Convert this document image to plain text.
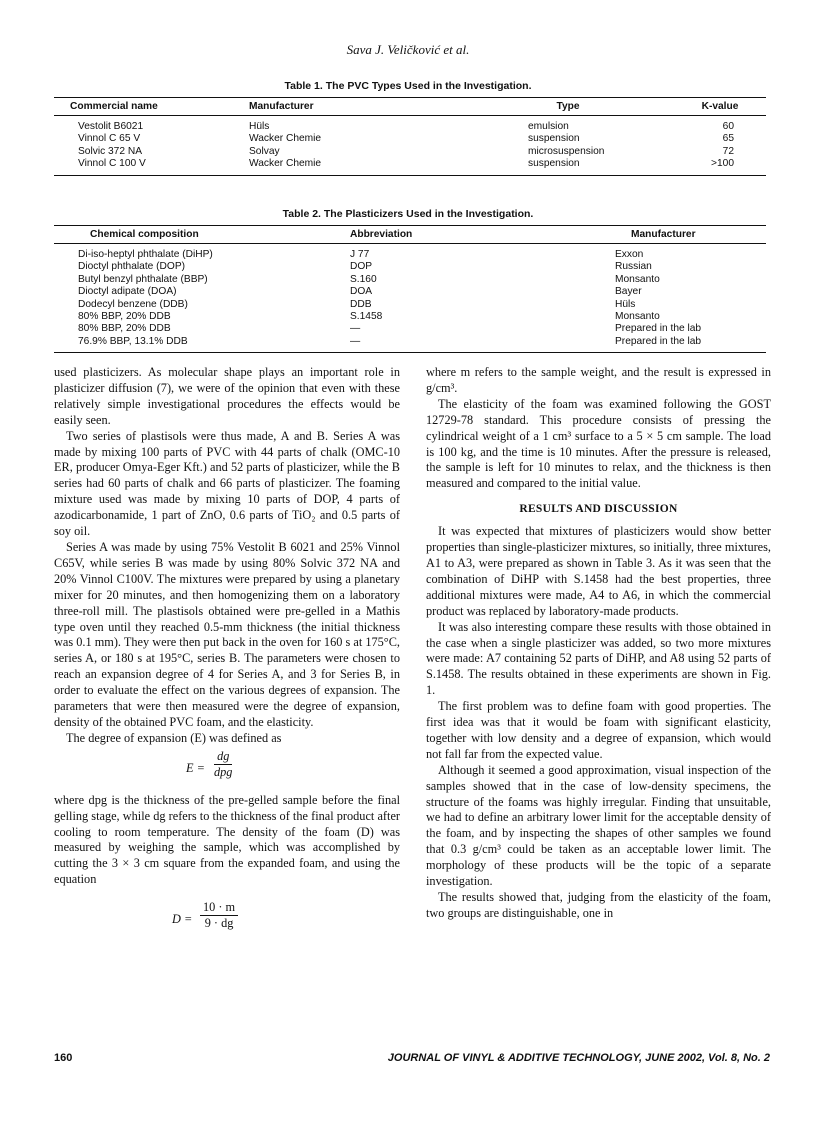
Sava J. Veličković et al.
Table 1. The PVC Types Used in the Investigation.
Commercial name	Manufacturer	Type	K-value
Vestolit B6021	Hüls	emulsion	60
Vinnol C 65 V	Wacker Chemie	suspension	65
Solvic 372 NA	Solvay	microsuspension	72
Vinnol C 100 V	Wacker Chemie	suspension	>100
Table 2. The Plasticizers Used in the Investigation.
Chemical composition	Abbreviation	Manufacturer
Di-iso-heptyl phthalate (DiHP)	J 77	Exxon
Dioctyl phthalate (DOP)	DOP	Russian
Butyl benzyl phthalate (BBP)	S.160	Monsanto
Dioctyl adipate (DOA)	DOA	Bayer
Dodecyl benzene (DDB)	DDB	Hüls
80% BBP, 20% DDB	S.1458	Monsanto
80% BBP, 20% DDB	—	Prepared in the lab
76.9% BBP, 13.1% DDB	—	Prepared in the lab

used plasticizers. As molecular shape plays an important role in plasticizer diffusion (7), we were of the opinion that even with these relatively simple investigational procedures the effects would be easily seen.

Two series of plastisols were thus made, A and B. Series A was made by mixing 100 parts of PVC with 44 parts of chalk (OMC-10 ER, producer Omya-Eger Kft.) and 52 parts of plasticizer, while the B series had 60 parts of chalk and 66 parts of plasticizer. The foaming mixture used was made by mixing 10 parts of DOP, 4 parts of azodicarbonamide, 1 part of ZnO, 0.6 parts of TiO₂ and 0.5 parts of soy oil.

Series A was made by using 75% Vestolit B 6021 and 25% Vinnol C65V, while series B was made by using 80% Solvic 372 NA and 20% Vinnol C100V. The mixtures were prepared by using a planetary mixer for 20 minutes, and then homogenizing them on a laboratory three-roll mill. The plastisols obtained were pre-gelled in a Mathis type oven until they reached 0.5-mm thickness (the initial thickness was 0.1 mm). They were then put back in the oven for 160 s at 175°C, series A, or 180 s at 195°C, series B. The parameters were chosen to reach an expansion degree of 4 for Series A, and 3 for Series B, in order to evaluate the effect on the various degrees of expansion. The parameters that were then measured were the degree of expansion, density of the obtained PVC foam, and the elasticity.

The degree of expansion (E) was defined as

E =
dg
dpg

where dpg is the thickness of the pre-gelled sample before the final gelling stage, while dg refers to the thickness of the final product after cooling to room temperature. The density of the foam (D) was measured by weighing the sample, which was accomplished by cutting the 3 × 3 cm square from the expanded foam, and using the equation

$D = \frac{10 \cdot m}{9 \cdot dg}$

where m refers to the sample weight, and the result is expressed in g/cm³.

The elasticity of the foam was examined following the GOST 12729-78 standard. This procedure consists of pressing the cylindrical weight of a 1 cm³ surface to a 5 × 5 cm sample. The load is 100 kg, and the time is 10 minutes. After the pressure is released, the sample is left for 10 minutes to relax, and the thickness is then measured and compared to the initial value.

RESULTS AND DISCUSSION

It was expected that mixtures of plasticizers would show better properties than single-plasticizer mixtures, so initially, three mixtures, A1 to A3, were prepared as shown in Table 3. As it was seen that the combination of DiHP with S.1458 had the best properties, three additional mixtures were made, A4 to A6, in which the commercial product was replaced by laboratory-made products.

It was also interesting compare these results with those obtained in the case when a single plasticizer was added, so two more mixtures were made: A7 containing 52 parts of DiHP, and A8 using 52 parts of S.1458. The results obtained in these experiments are shown in Fig. 1.

The first problem was to define foam with good properties. The first idea was that it would be foam with significant elasticity, together with low density and a degree of expansion, which would not fall far from the expected value.

Although it seemed a good approximation, visual inspection of the samples showed that in the case of low-density specimens, the structure of the foams was highly irregular. Finding that unsuitable, we had to define an arbitrary lower limit for the acceptable density of the foam, and by inspecting the shapes of other samples we found that 0.3 g/cm³ could be taken as an acceptable lower limit. The morphology of these products will be the topic of a separate investigation.

The results showed that, judging from the elasticity of the foam, two groups are distinguishable, one in

160	JOURNAL OF VINYL & ADDITIVE TECHNOLOGY, JUNE 2002, Vol. 8, No. 2
